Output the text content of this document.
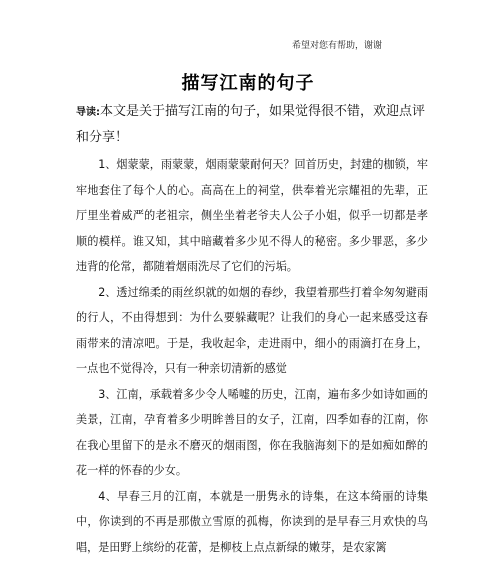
希望对您有帮助，谢谢
描写江南的句子
导读:本文是关于描写江南的句子，如果觉得很不错，欢迎点评和分享！

1、烟蒙蒙，雨蒙蒙，烟雨蒙蒙耐何天？回首历史，封建的枷锁，牢牢地套住了每个人的心。高高在上的祠堂，供奉着光宗耀祖的先辈，正厅里坐着威严的老祖宗，侧坐坐着老爷夫人公子小姐，似乎一切都是孝顺的模样。谁又知，其中暗藏着多少见不得人的秘密。多少罪恶，多少违背的伦常，都随着烟雨洗尽了它们的污垢。

2、透过绵柔的雨丝织就的如烟的春纱，我望着那些打着伞匆匆避雨的行人，不由得想到：为什么要躲藏呢？让我们的身心一起来感受这春雨带来的清凉吧。于是，我收起伞，走进雨中，细小的雨滴打在身上，一点也不觉得冷，只有一种亲切清新的感觉

3、江南，承载着多少令人唏嘘的历史，江南，遍布多少如诗如画的美景，江南，孕育着多少明眸善目的女子，江南，四季如春的江南，你在我心里留下的是永不磨灭的烟雨图，你在我脑海刻下的是如痴如醉的花一样的怀春的少女。

4、早春三月的江南，本就是一册隽永的诗集，在这本绮丽的诗集中，你读到的不再是那傲立雪原的孤梅，你读到的是早春三月欢快的鸟唱，是田野上缤纷的花蕾，是柳枝上点点新绿的嫩芽，是农家篱
